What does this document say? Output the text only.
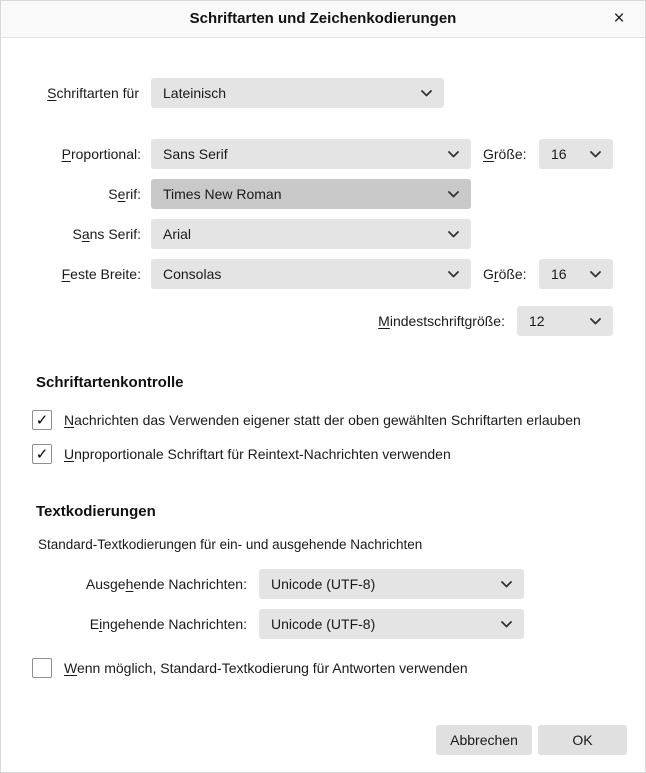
Schriftarten und Zeichenkodierungen	×
Schriftarten für Lateinisch
Proportional: Sans Serif	Größe: 16
Serif: Times New Roman
Sans Serif: Arial
Feste Breite: Consolas	Größe: 16
Mindestschriftgröße: 12
Schriftartenkontrolle
✓ Nachrichten das Verwenden eigener statt der oben gewählten Schriftarten erlauben
✓ Unproportionale Schriftart für Reintext-Nachrichten verwenden
Textkodierungen
Standard-Textkodierungen für ein- und ausgehende Nachrichten
Ausgehende Nachrichten: Unicode (UTF-8)
Eingehende Nachrichten: Unicode (UTF-8)
Wenn möglich, Standard-Textkodierung für Antworten verwenden
Abbrechen	OK
